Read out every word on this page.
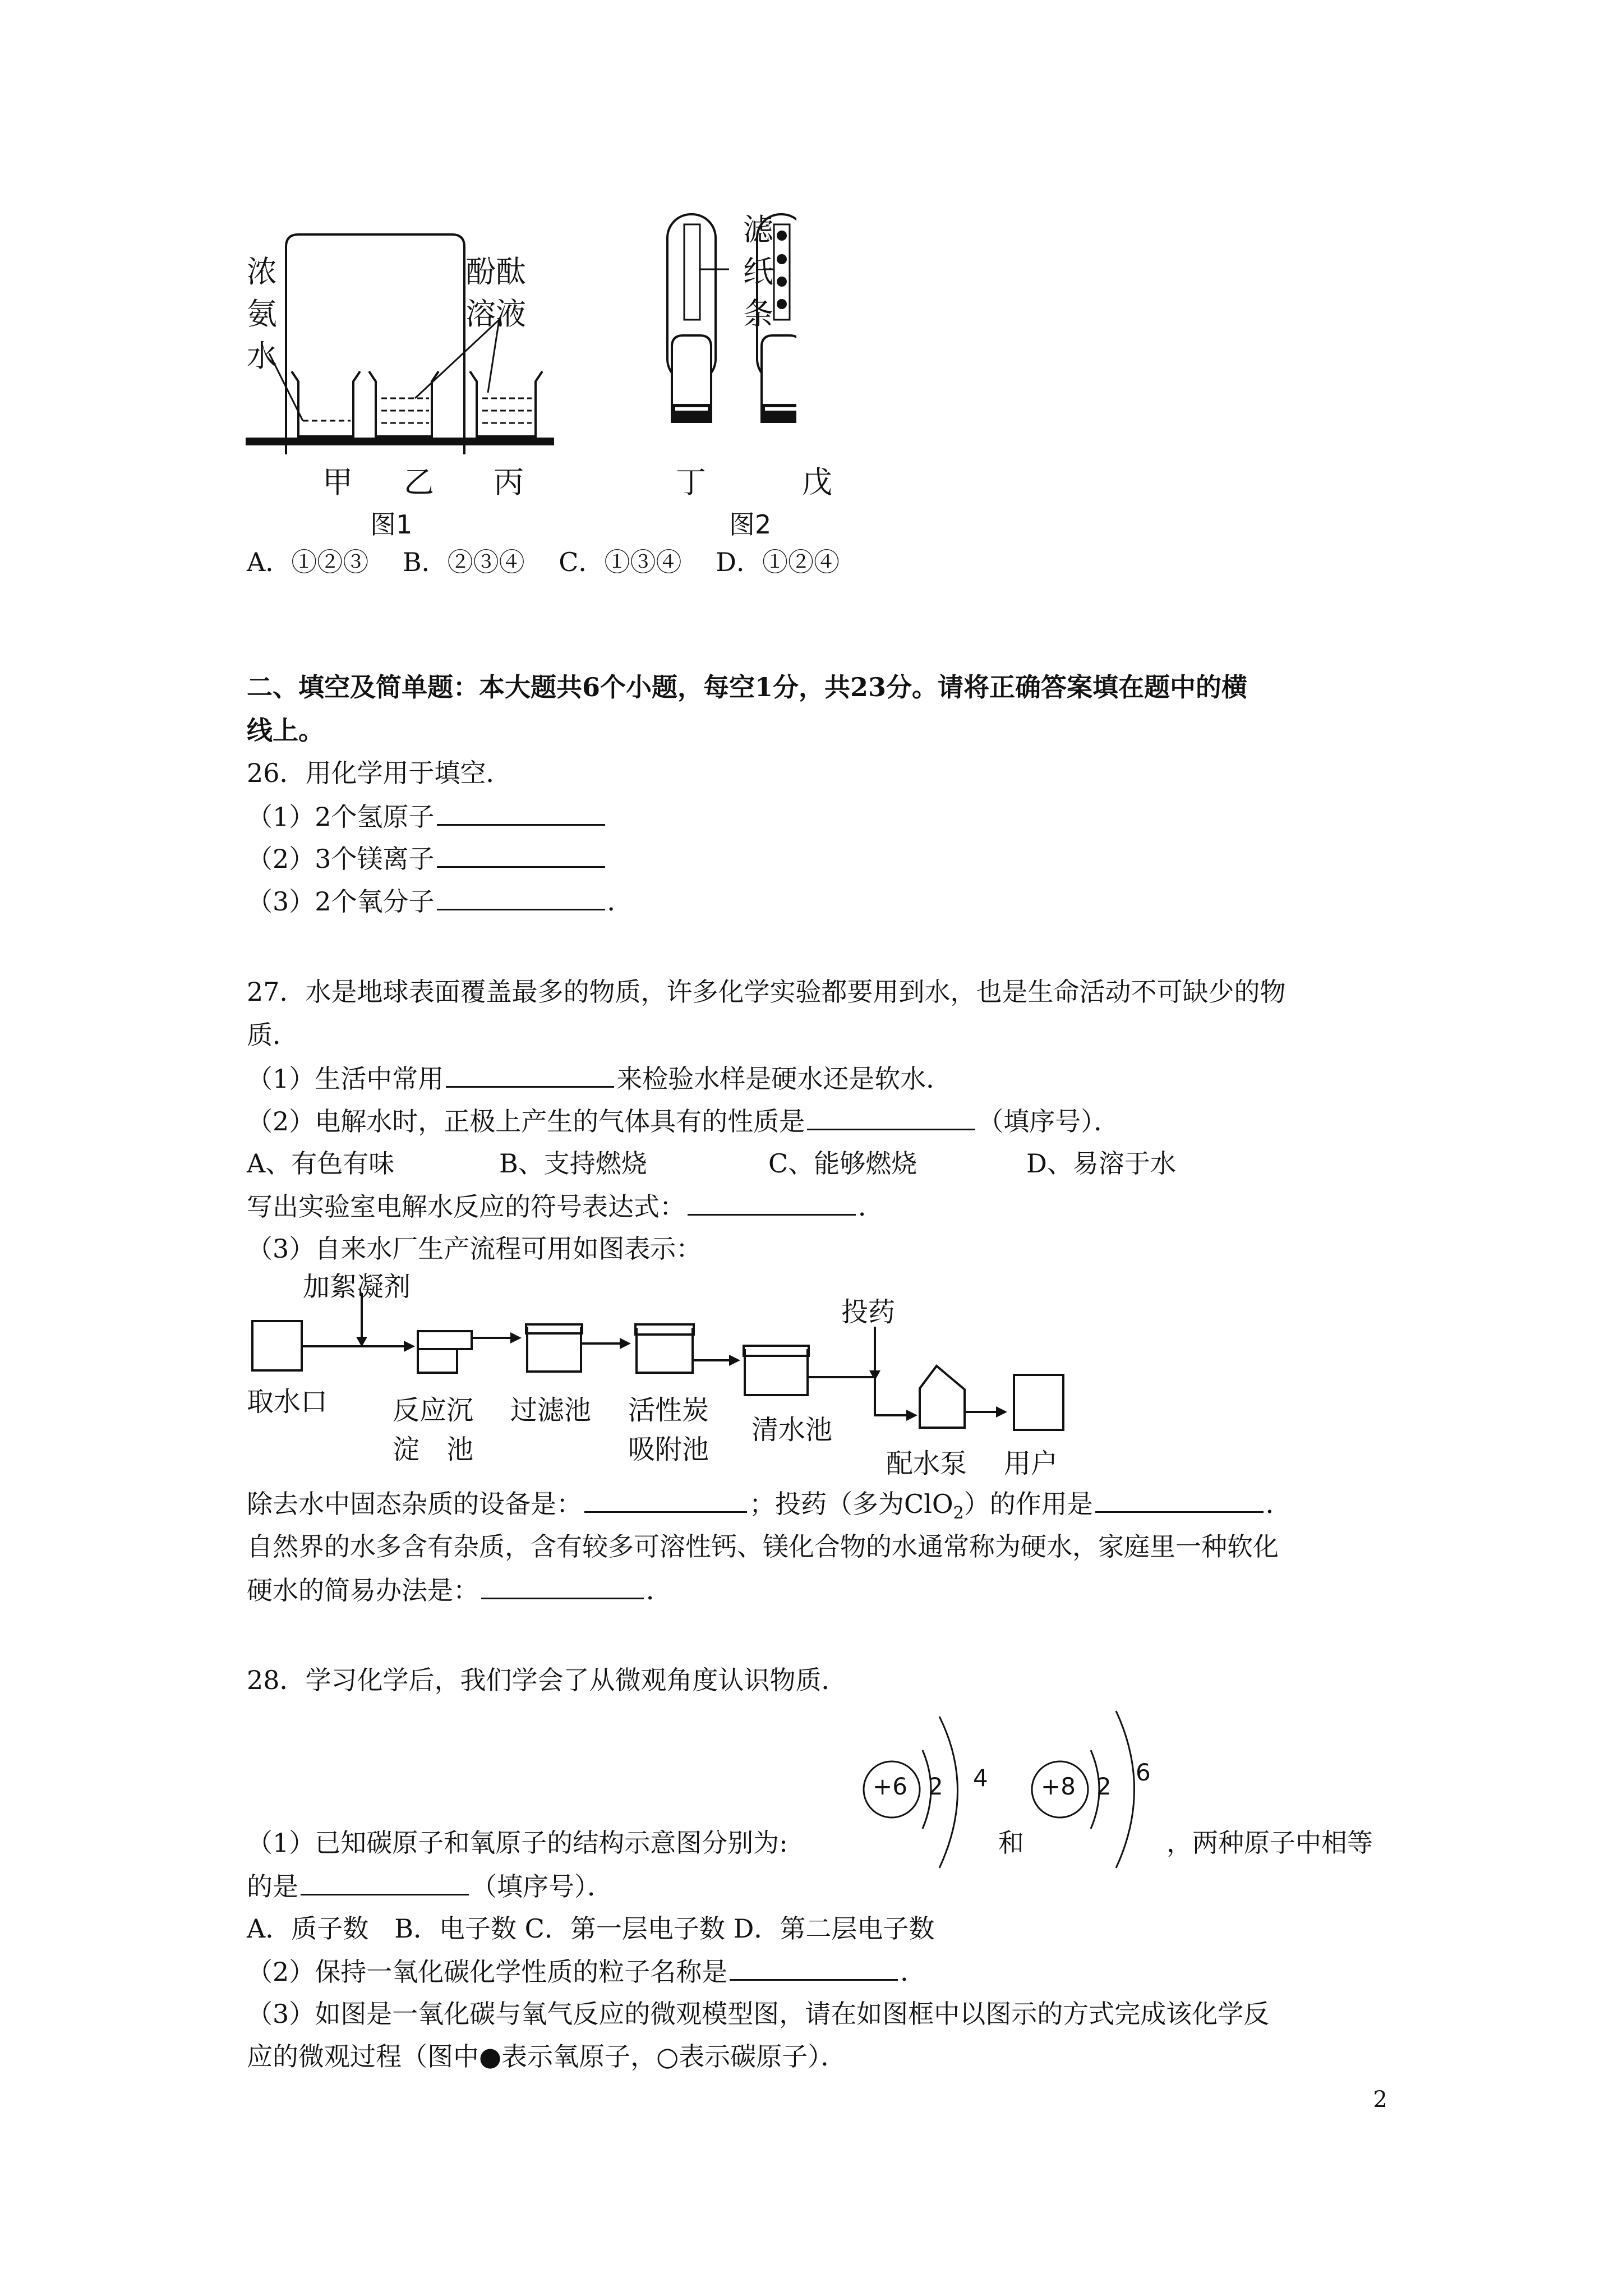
浓
氨
水
酚酞
溶液
甲 乙 丙
图1
滤
纸
条
丁	戊
图2
A．①②③　 B．②③④　 C．①③④　 D．①②④
二、填空及简单题：本大题共6个小题，每空1分，共23分。请将正确答案填在题中的横
线上。
26．用化学用于填空．
（1）2个氢原子
（2）3个镁离子
（3）2个氧分子	．
27．水是地球表面覆盖最多的物质，许多化学实验都要用到水，也是生命活动不可缺少的物
质．
（1）生活中常用	来检验水样是硬水还是软水．
（2）电解水时，正极上产生的气体具有的性质是	（填序号）．
A、有色有味	B、支持燃烧	C、能够燃烧	D、易溶于水
写出实验室电解水反应的符号表达式：	．
（3）自来水厂生产流程可用如图表示：
加絮凝剂
取水口 反应沉
淀　池
过滤池 活性炭
吸附池
清水池
投药
配水泵 用户
除去水中固态杂质的设备是：	；投药（多为ClO$_2$）的作用是	．
自然界的水多含有杂质，含有较多可溶性钙、镁化合物的水通常称为硬水，家庭里一种软化
硬水的简易办法是：	．
28．学习化学后，我们学会了从微观角度认识物质．
+6 2 4 +8 2
6
（1）已知碳原子和氧原子的结构示意图分别为:	和	，两种原子中相等
的是	（填序号）．
A．质子数　B．电子数 C．第一层电子数 D．第二层电子数
（2）保持一氧化碳化学性质的粒子名称是	．
（3）如图是一氧化碳与氧气反应的微观模型图，请在如图框中以图示的方式完成该化学反
应的微观过程（图中●表示氧原子，○表示碳原子）．
2
